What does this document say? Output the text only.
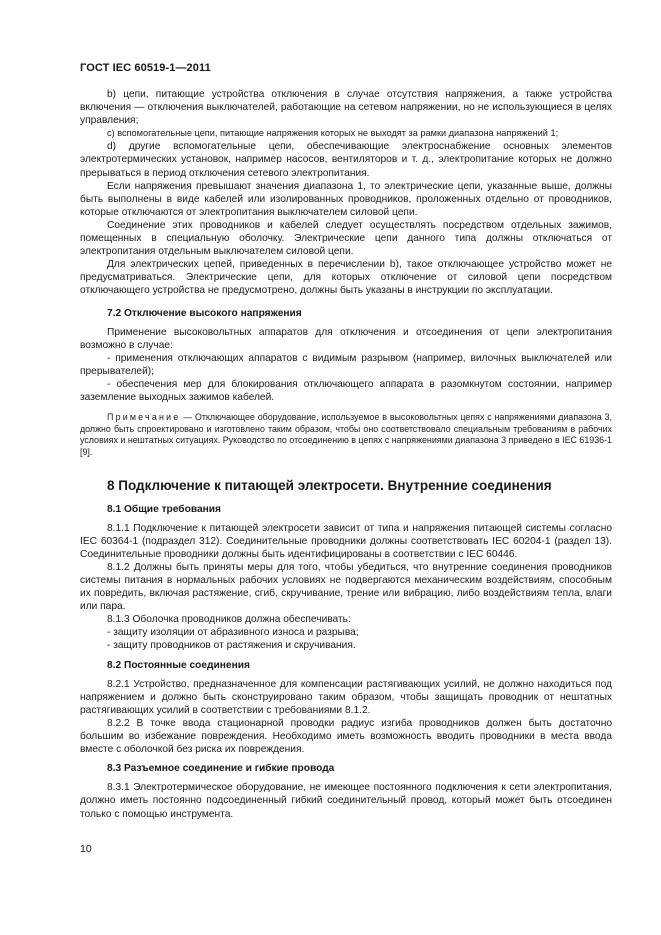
ГОСТ IEC 60519-1—2011

b) цепи, питающие устройства отключения в случае отсутствия напряжения, а также устройства включения — отключения выключателей, работающие на сетевом напряжении, но не использующиеся в целях управления;

c) вспомогательные цепи, питающие напряжения которых не выходят за рамки диапазона напряжений 1;

d) другие вспомогательные цепи, обеспечивающие электроснабжение основных элементов электротермических установок, например насосов, вентиляторов и т. д., электропитание которых не должно прерываться в период отключения сетевого электропитания.

Если напряжения превышают значения диапазона 1, то электрические цепи, указанные выше, должны быть выполнены в виде кабелей или изолированных проводников, проложенных отдельно от проводников, которые отключаются от электропитания выключателем силовой цепи.

Соединение этих проводников и кабелей следует осуществлять посредством отдельных зажимов, помещенных в специальную оболочку. Электрические цепи данного типа должны отключаться от электропитания отдельным выключателем силовой цепи.

Для электрических цепей, приведенных в перечислении b), такое отключающее устройство может не предусматриваться. Электрические цепи, для которых отключение от силовой цепи посредством отключающего устройства не предусмотрено, должны быть указаны в инструкции по эксплуатации.

7.2 Отключение высокого напряжения

Применение высоковольтных аппаратов для отключения и отсоединения от цепи электропитания возможно в случае:

- применения отключающих аппаратов с видимым разрывом (например, вилочных выключателей или прерывателей);

- обеспечения мер для блокирования отключающего аппарата в разомкнутом состоянии, например заземление выходных зажимов кабелей.

Примечание — Отключающее оборудование, используемое в высоковольтных цепях с напряжениями диапазона 3, должно быть спроектировано и изготовлено таким образом, чтобы оно соответствовало специальным требованиям в рабочих условиях и нештатных ситуациях. Руководство по отсоединению в цепях с напряжениями диапазона 3 приведено в IEC 61936-1 [9].

8 Подключение к питающей электросети. Внутренние соединения

8.1 Общие требования

8.1.1 Подключение к питающей электросети зависит от типа и напряжения питающей системы согласно IEC 60364-1 (подраздел 312). Соединительные проводники должны соответствовать IEC 60204-1 (раздел 13). Соединительные проводники должны быть идентифицированы в соответствии с IEC 60446.

8.1.2 Должны быть приняты меры для того, чтобы убедиться, что внутренние соединения проводников системы питания в нормальных рабочих условиях не подвергаются механическим воздействиям, способным их повредить, включая растяжение, сгиб, скручивание, трение или вибрацию, либо воздействиям тепла, влаги или пара.

8.1.3 Оболочка проводников должна обеспечивать:

- защиту изоляции от абразивного износа и разрыва;

- защиту проводников от растяжения и скручивания.

8.2 Постоянные соединения

8.2.1 Устройство, предназначенное для компенсации растягивающих усилий, не должно находиться под напряжением и должно быть сконструировано таким образом, чтобы защищать проводник от нештатных растягивающих усилий в соответствии с требованиями 8.1.2.

8.2.2 В точке ввода стационарной проводки радиус изгиба проводников должен быть достаточно большим во избежание повреждения. Необходимо иметь возможность вводить проводники в места ввода вместе с оболочкой без риска их повреждения.

8.3 Разъемное соединение и гибкие провода

8.3.1 Электротермическое оборудование, не имеющее постоянного подключения к сети электропитания, должно иметь постоянно подсоединенный гибкий соединительный провод, который может быть отсоединен только с помощью инструмента.

10
